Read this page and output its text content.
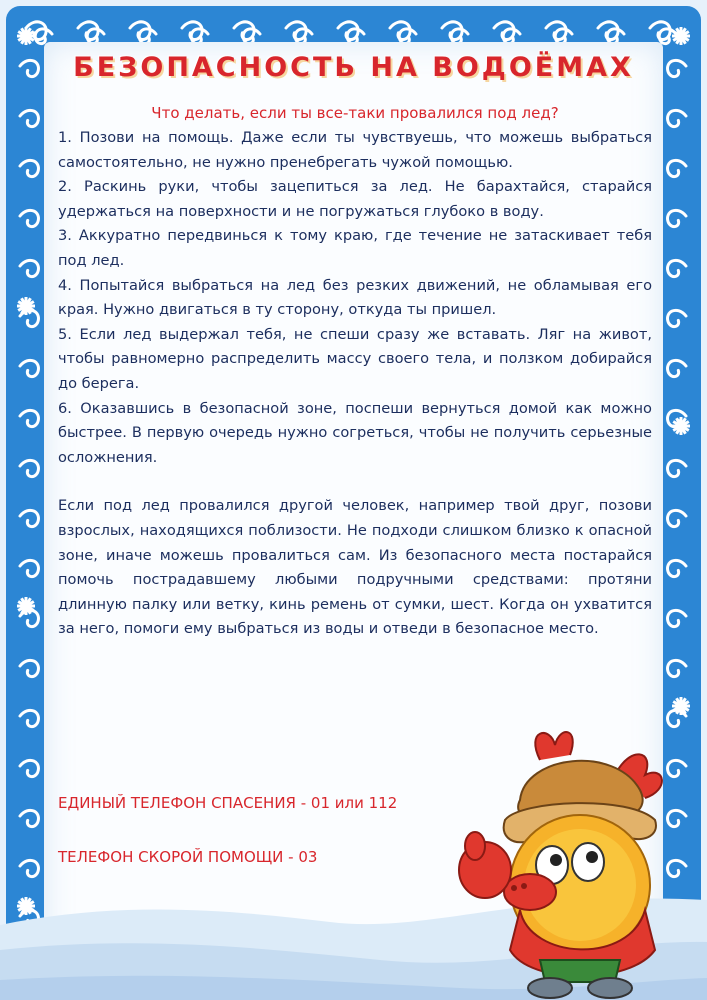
БЕЗОПАСНОСТЬ НА ВОДОЁМАХ

Что делать, если ты все-таки провалился под лед?

1. Позови на помощь. Даже если ты чувствуешь, что можешь выбраться самостоятельно, не нужно пренебрегать чужой помощью.

2. Раскинь руки, чтобы зацепиться за лед. Не барахтайся, старайся удержаться на поверхности и не погружаться глубоко в воду.

3. Аккуратно передвинься к тому краю, где течение не затаскивает тебя под лед.

4. Попытайся выбраться на лед без резких движений, не обламывая его края. Нужно двигаться в ту сторону, откуда ты пришел.

5. Если лед выдержал тебя, не спеши сразу же вставать. Ляг на живот, чтобы равномерно распределить массу своего тела, и ползком добирайся до берега.

6. Оказавшись в безопасной зоне, поспеши вернуться домой как можно быстрее. В первую очередь нужно согреться, чтобы не получить серьезные осложнения.

Если под лед провалился другой человек, например твой друг, позови взрослых, находящихся поблизости. Не подходи слишком близко к опасной зоне, иначе можешь провалиться сам. Из безопасного места постарайся помочь пострадавшему любыми подручными средствами: протяни длинную палку или ветку, кинь ремень от сумки, шест. Когда он ухватится за него, помоги ему выбраться из воды и отведи в безопасное место.

ЕДИНЫЙ ТЕЛЕФОН СПАСЕНИЯ - 01 или 112
ТЕЛЕФОН СКОРОЙ ПОМОЩИ - 03
